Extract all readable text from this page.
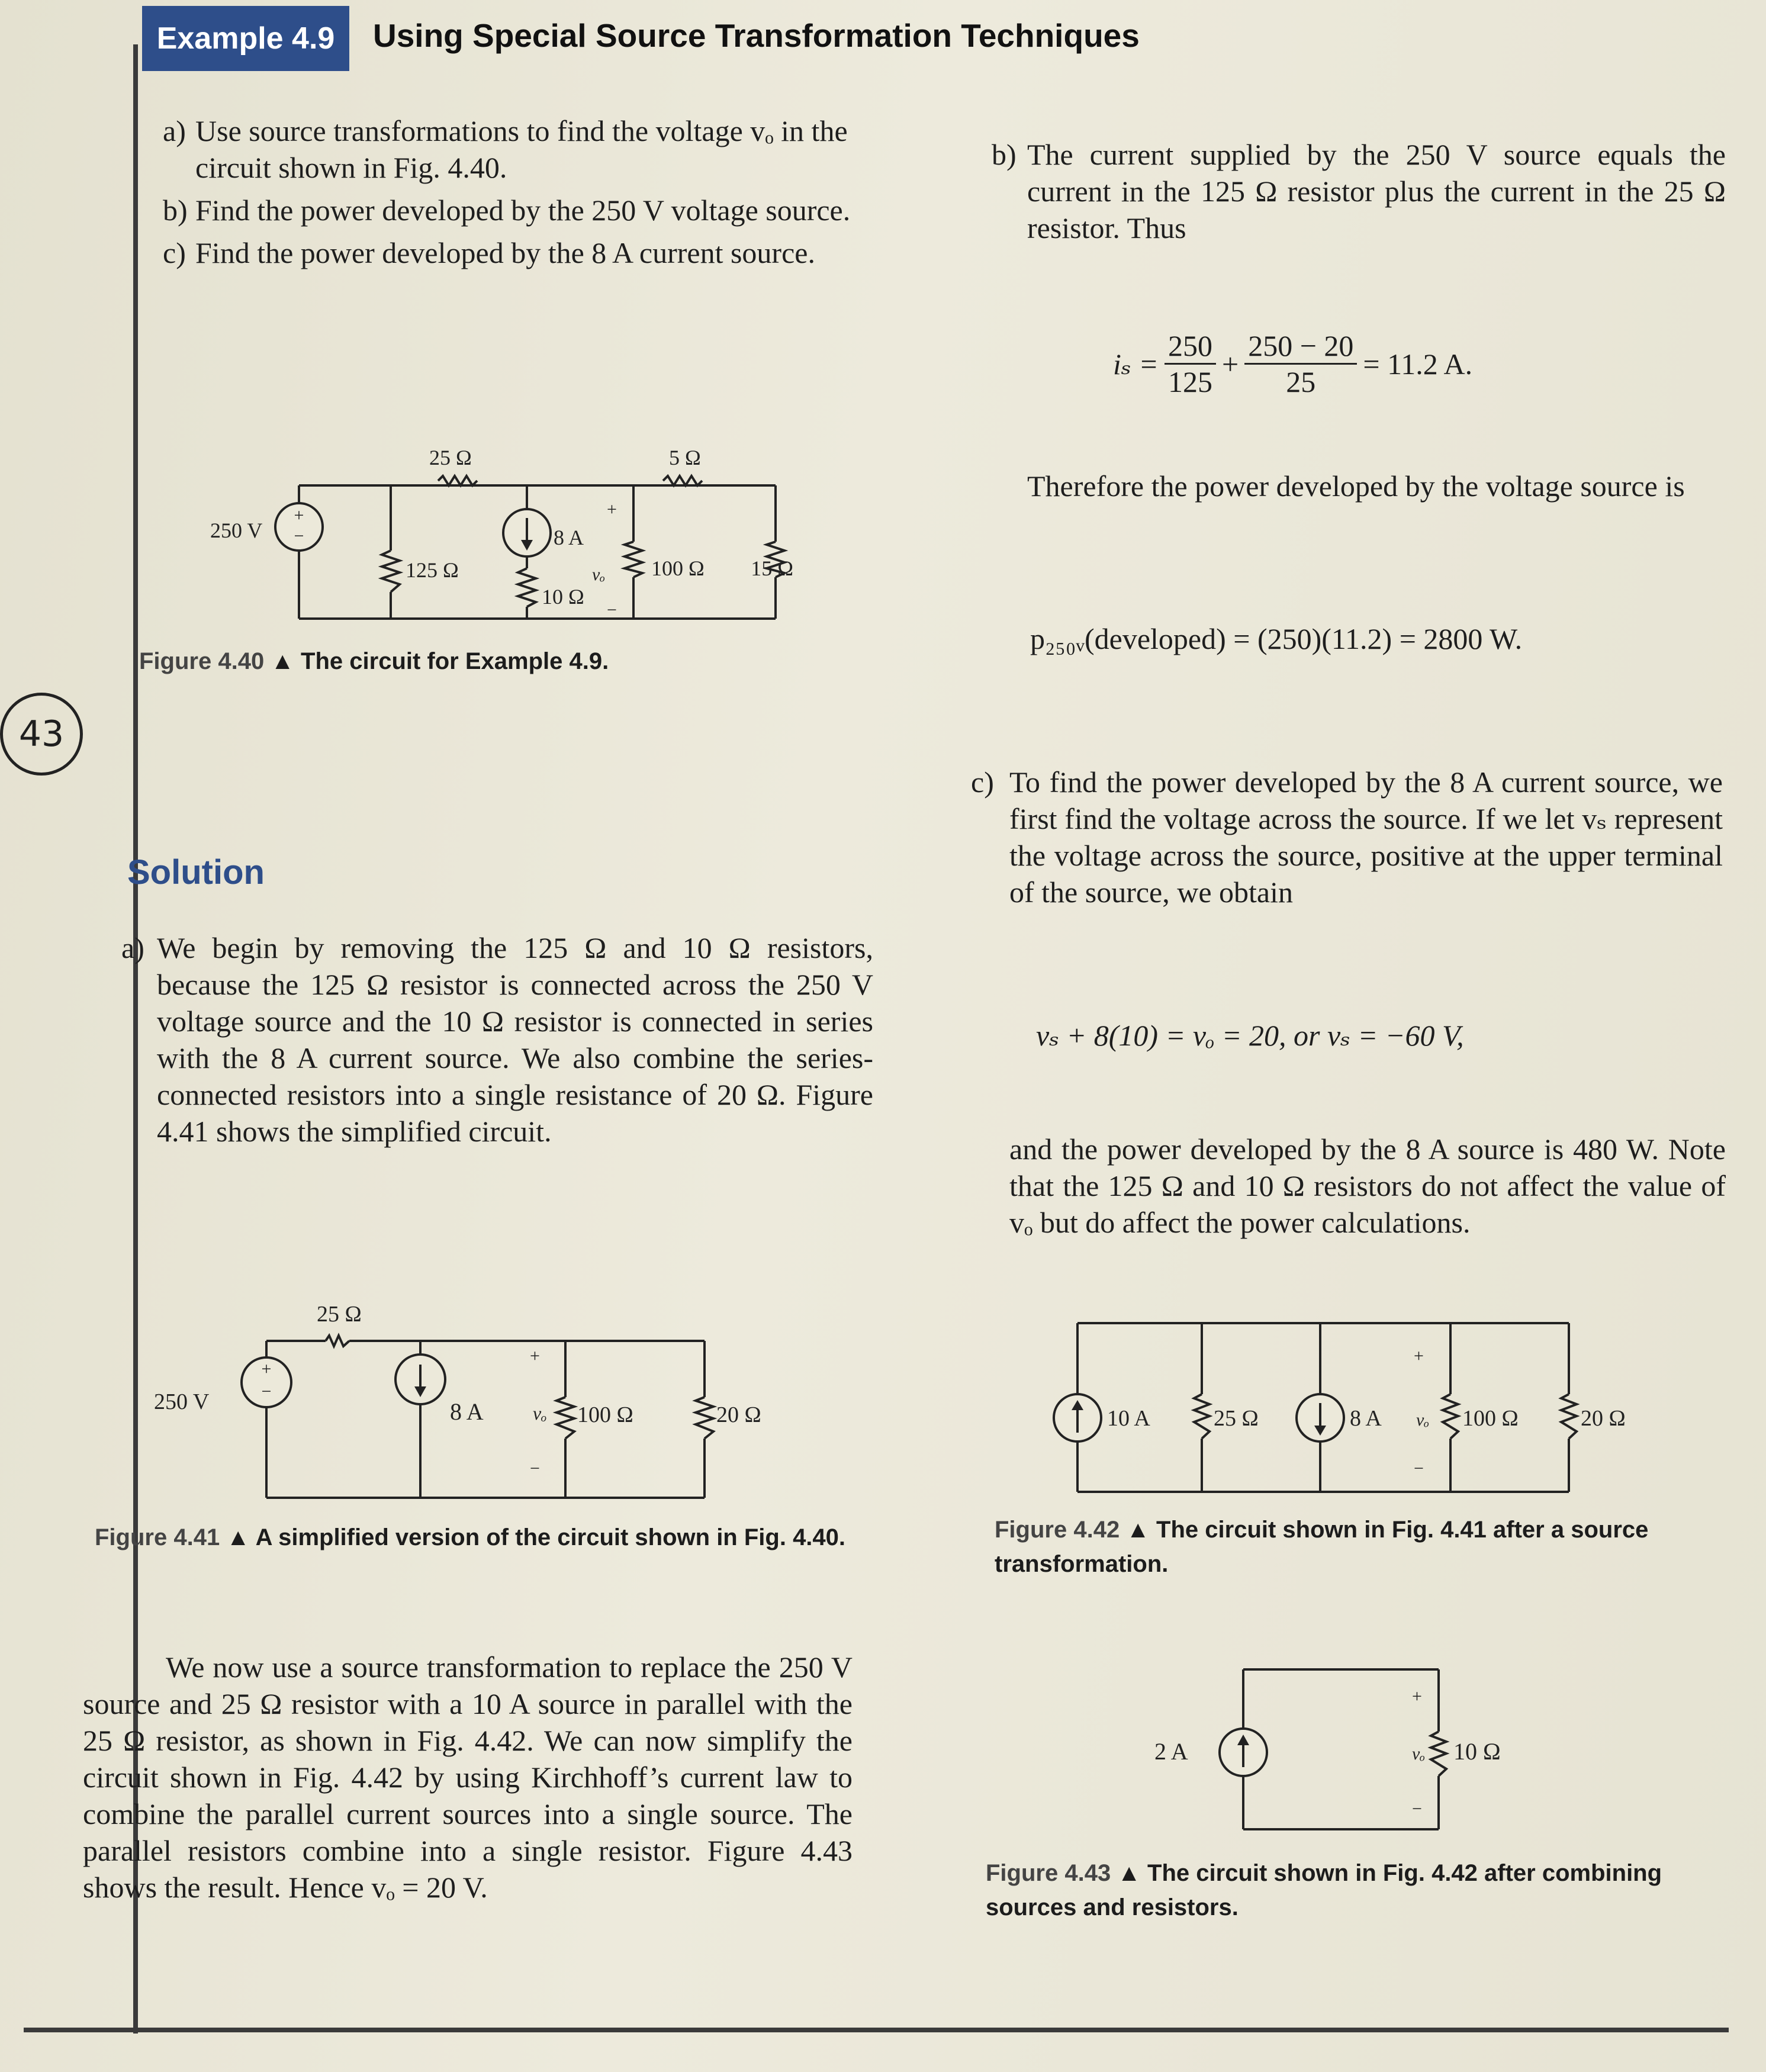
Example 4.9	Using Special Source Transformation Techniques
43
a) Use source transformations to find the voltage vₒ in the circuit shown in Fig. 4.40.
b) Find the power developed by the 250 V voltage source.
c) Find the power developed by the 8 A current source.
+
−
250 V
25 Ω	5 Ω
125 Ω
8 A
10 Ω
vₒ
+
−
100 Ω 15 Ω
Figure 4.40 ▲ The circuit for Example 4.9.
Solution
a) We begin by removing the 125 Ω and 10 Ω resistors, because the 125 Ω resistor is connected across the 250 V voltage source and the 10 Ω resistor is connected in series with the 8 A current source. We also combine the series-connected resistors into a single resistance of 20 Ω. Figure 4.41 shows the simplified circuit.
+
−
250 V
25 Ω
8 A	vₒ
+
−
100 Ω	20 Ω
Figure 4.41 ▲ A simplified version of the circuit shown in Fig. 4.40.
We now use a source transformation to replace the 250 V source and 25 Ω resistor with a 10 A source in parallel with the 25 Ω resistor, as shown in Fig. 4.42. We can now simplify the circuit shown in Fig. 4.42 by using Kirchhoff’s current law to combine the parallel current sources into a single source. The parallel resistors combine into a single resistor. Figure 4.43 shows the result. Hence vₒ = 20 V.
b) The current supplied by the 250 V source equals the current in the 125 Ω resistor plus the current in the 25 Ω resistor. Thus
$i_s = \frac{250}{125} + \frac{250 - 20}{25} = 11.2$ A.
Therefore the power developed by the voltage source is
p₂₅₀ᵥ(developed) = (250)(11.2) = 2800 W.
c) To find the power developed by the 8 A current source, we first find the voltage across the source. If we let vₛ represent the voltage across the source, positive at the upper terminal of the source, we obtain
vₛ + 8(10) = vₒ = 20, or vₛ = −60 V,
and the power developed by the 8 A source is 480 W. Note that the 125 Ω and 10 Ω resistors do not affect the value of vₒ but do affect the power calculations.
10 A	25 Ω	8 A vₒ
+
−
100 Ω	20 Ω
Figure 4.42 ▲ The circuit shown in Fig. 4.41 after a source transformation.
2 A	vₒ
+
−
10 Ω
Figure 4.43 ▲ The circuit shown in Fig. 4.42 after combining sources and resistors.
